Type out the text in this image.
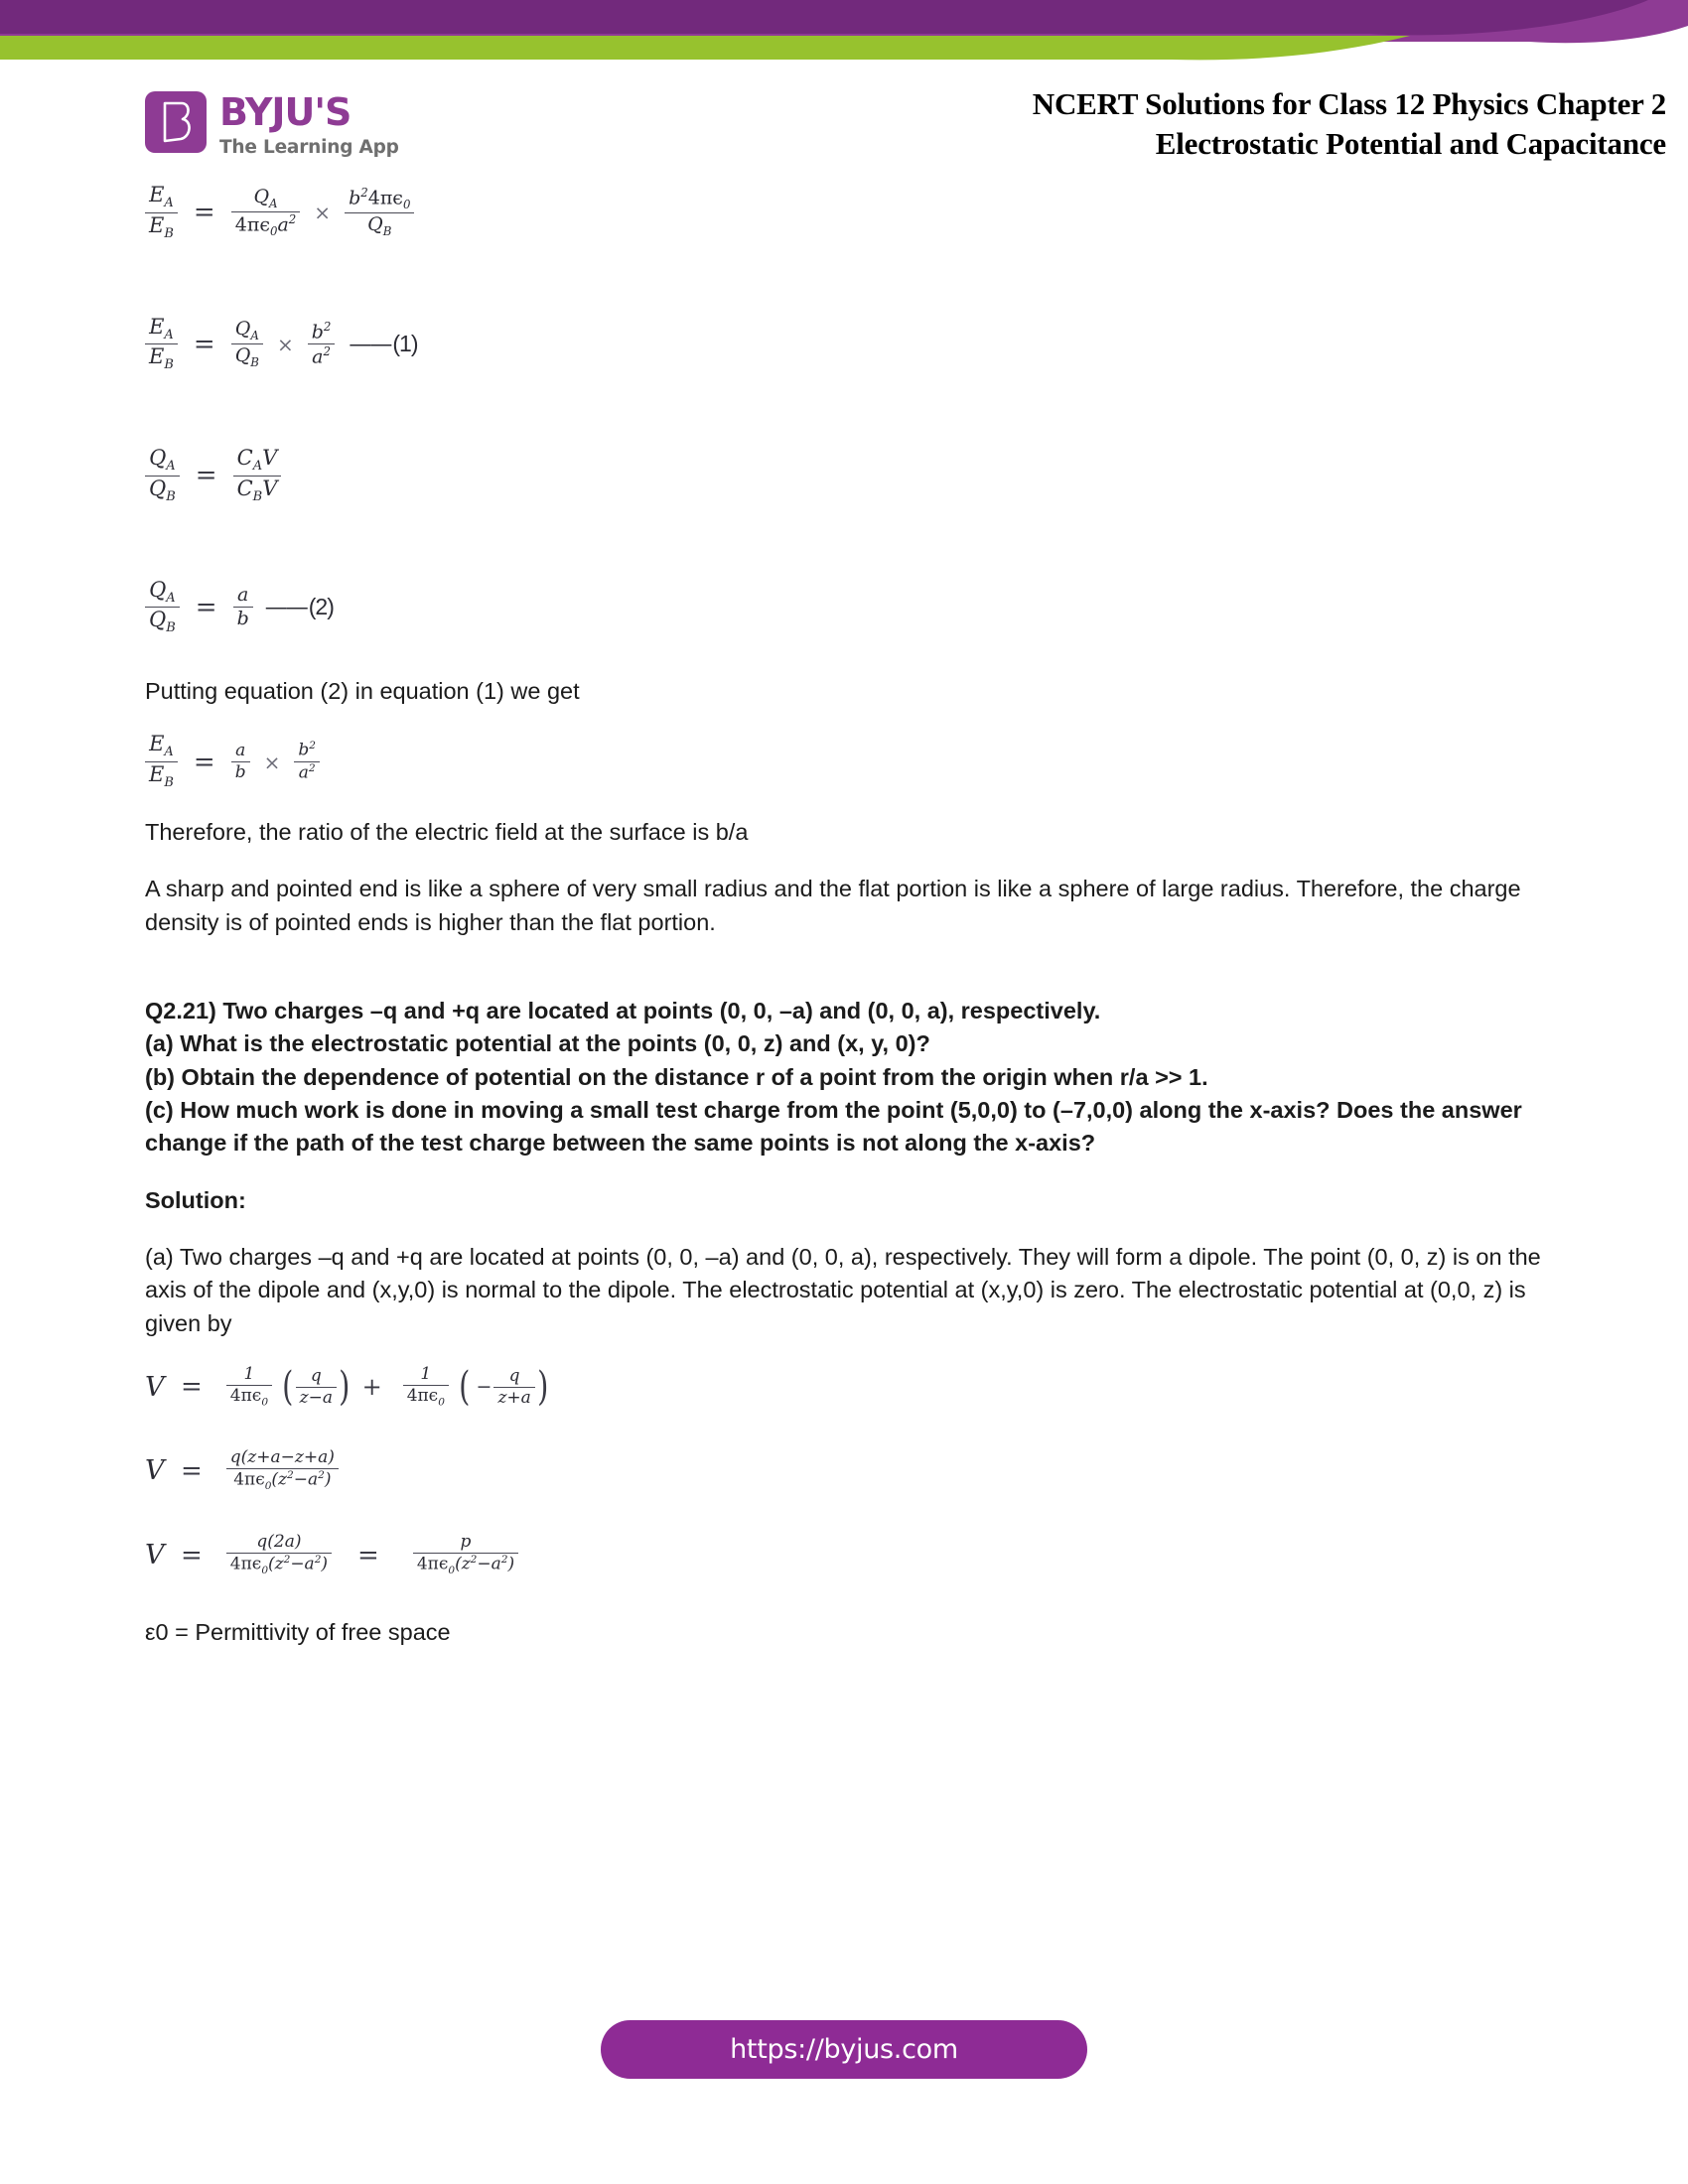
BYJU'S
The Learning App
NCERT Solutions for Class 12 Physics Chapter 2
Electrostatic Potential and Capacitance
$\frac{E_A}{E_B} = \frac{Q_A}{4\pi\epsilon_0a^2} \times \frac{b^24\pi\epsilon_0}{Q_B}$
$\frac{E_A}{E_B} = \frac{Q_A}{Q_B} \times \frac{b^2}{a^2}$ —— (1)
$\frac{Q_A}{Q_B} = \frac{C_AV}{C_BV}$
$\frac{Q_A}{Q_B} = \frac{a}{b}$ —— (2)

Putting equation (2) in equation (1) we get

$\frac{E_A}{E_B} = \frac{a}{b} \times \frac{b^2}{a^2}$

Therefore, the ratio of the electric field at the surface is b/a

A sharp and pointed end is like a sphere of very small radius and the flat portion is like a sphere of large radius. Therefore, the charge density is of pointed ends is higher than the flat portion.

Q2.21) Two charges –q and +q are located at points (0, 0, –a) and (0, 0, a), respectively.

(a) What is the electrostatic potential at the points (0, 0, z) and (x, y, 0)?

(b) Obtain the dependence of potential on the distance r of a point from the origin when r/a >> 1.

(c) How much work is done in moving a small test charge from the point (5,0,0) to (–7,0,0) along the x-axis? Does the answer change if the path of the test charge between the same points is not along the x-axis?

Solution:

(a) Two charges –q and +q are located at points (0, 0, –a) and (0, 0, a), respectively. They will form a dipole. The point (0, 0, z) is on the axis of the dipole and (x,y,0) is normal to the dipole. The electrostatic potential at (x,y,0) is zero. The electrostatic potential at (0,0, z) is given by

$V = \frac{1}{4\pi\epsilon_0}$ ( $\frac{q}{z-a}$ ) + $\frac{1}{4\pi\epsilon_0}$ ( − $\frac{q}{z+a}$ )
$V = \frac{q(z+a-z+a)}{4\pi\epsilon_0(z^2-a^2)}$
$V = \frac{q(2a)}{4\pi\epsilon_0(z^2-a^2)} = \frac{p}{4\pi\epsilon_0(z^2-a^2)}$

ε0 = Permittivity of free space

https://byjus.com
